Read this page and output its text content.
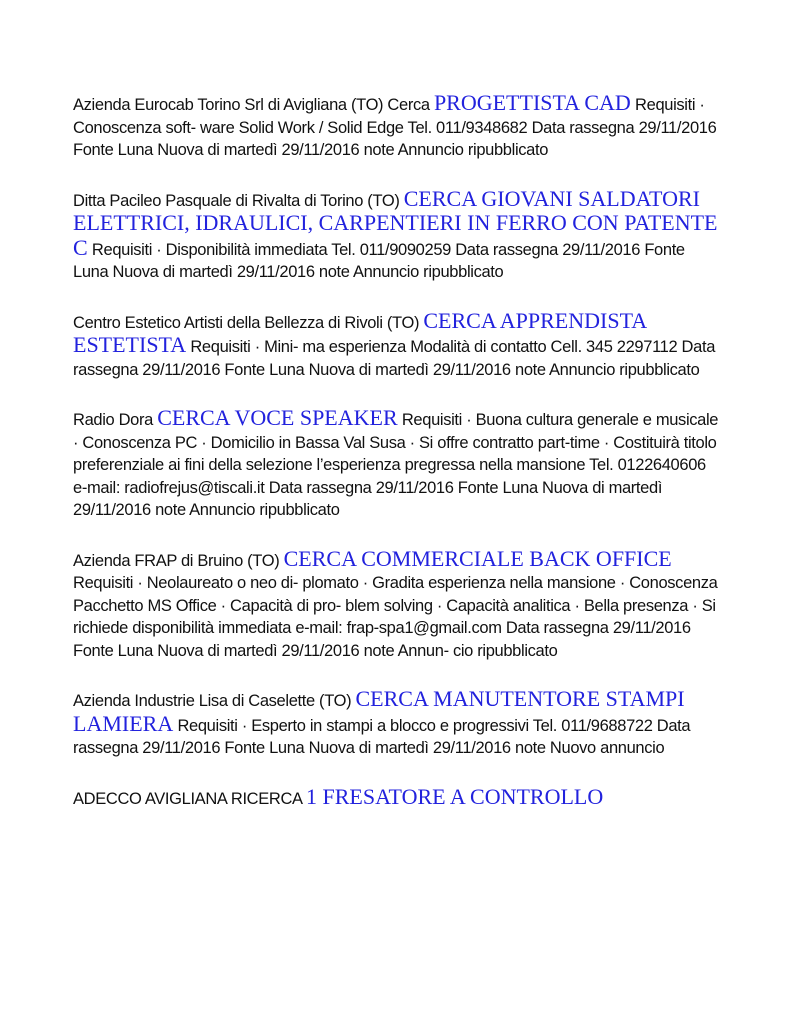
Azienda Eurocab Torino Srl di Avigliana (TO) Cerca PROGETTISTA CAD Requisiti · Conoscenza soft- ware Solid Work / Solid Edge Tel. 011/9348682 Data rassegna 29/11/2016 Fonte Luna Nuova di martedì 29/11/2016 note Annuncio ripubblicato

Ditta Pacileo Pasquale di Rivalta di Torino (TO) CERCA GIOVANI SALDATORI ELETTRICI, IDRAULICI, CARPENTIERI IN FERRO CON PATENTE C Requisiti · Disponibilità immediata Tel. 011/9090259 Data rassegna 29/11/2016 Fonte Luna Nuova di martedì 29/11/2016 note Annuncio ripubblicato

Centro Estetico Artisti della Bellezza di Rivoli (TO) CERCA APPRENDISTA ESTETISTA Requisiti · Mini- ma esperienza Modalità di contatto Cell. 345 2297112 Data rassegna 29/11/2016 Fonte Luna Nuova di martedì 29/11/2016 note Annuncio ripubblicato

Radio Dora CERCA VOCE SPEAKER Requisiti · Buona cultura generale e musicale · Conoscenza PC · Domicilio in Bassa Val Susa · Si offre contratto part-time · Costituirà titolo preferenziale ai fini della selezione l’esperienza pregressa nella mansione Tel. 0122640606 e-mail: radiofrejus@tiscali.it Data rassegna 29/11/2016 Fonte Luna Nuova di martedì 29/11/2016 note Annuncio ripubblicato

Azienda FRAP di Bruino (TO) CERCA COMMERCIALE BACK OFFICE Requisiti · Neolaureato o neo di- plomato · Gradita esperienza nella mansione · Conoscenza Pacchetto MS Office · Capacità di pro- blem solving · Capacità analitica · Bella presenza · Si richiede disponibilità immediata e-mail: frap-spa1@gmail.com Data rassegna 29/11/2016 Fonte Luna Nuova di martedì 29/11/2016 note Annun- cio ripubblicato

Azienda Industrie Lisa di Caselette (TO) CERCA MANUTENTORE STAMPI LAMIERA Requisiti · Esperto in stampi a blocco e progressivi Tel. 011/9688722 Data rassegna 29/11/2016 Fonte Luna Nuova di martedì 29/11/2016 note Nuovo annuncio

ADECCO AVIGLIANA RICERCA 1 FRESATORE A CONTROLLO
